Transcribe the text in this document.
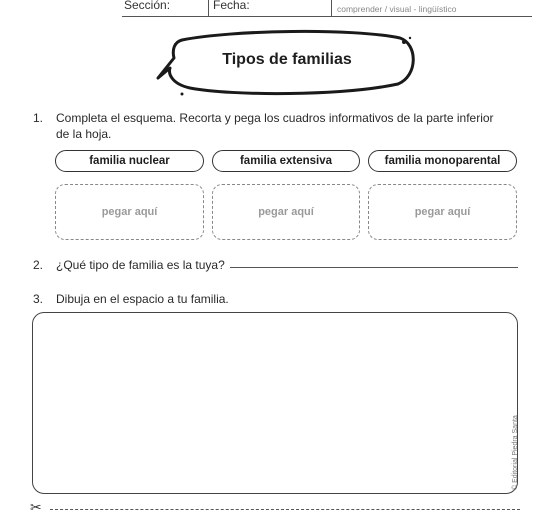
Sección:	Fecha:	comprender / visual - lingüístico
Tipos de familias
1. Completa el esquema. Recorta y pega los cuadros informativos de la parte inferior
de la hoja.
familia nuclear	familia extensiva	familia monoparental
pegar aquí	pegar aquí	pegar aquí
2. ¿Qué tipo de familia es la tuya?
3. Dibuja en el espacio a tu familia.
✂
© Editorial Piedra Santa
